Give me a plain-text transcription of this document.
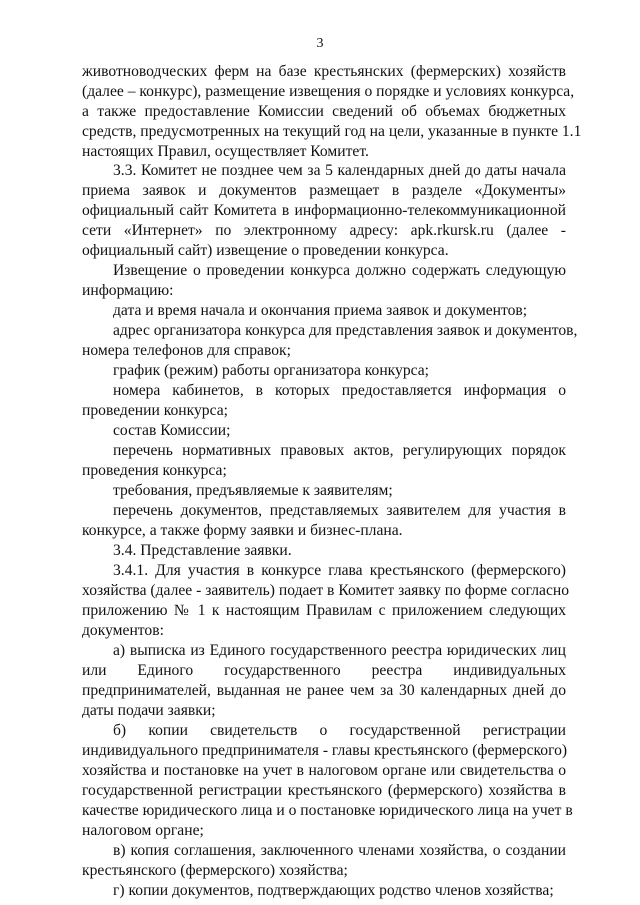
3
животноводческих ферм на базе крестьянских (фермерских) хозяйств
(далее – конкурс), размещение извещения о порядке и условиях конкурса,
а также предоставление Комиссии сведений об объемах бюджетных
средств, предусмотренных на текущий год на цели, указанные в пункте 1.1
настоящих Правил, осуществляет Комитет.
3.3. Комитет не позднее чем за 5 календарных дней до даты начала
приема заявок и документов размещает в разделе «Документы»
официальный сайт Комитета в информационно-телекоммуникационной
сети «Интернет» по электронному адресу: apk.rkursk.ru (далее -
официальный сайт) извещение о проведении конкурса.
Извещение о проведении конкурса должно содержать следующую
информацию:
дата и время начала и окончания приема заявок и документов;
адрес организатора конкурса для представления заявок и документов,
номера телефонов для справок;
график (режим) работы организатора конкурса;
номера кабинетов, в которых предоставляется информация о
проведении конкурса;
состав Комиссии;
перечень нормативных правовых актов, регулирующих порядок
проведения конкурса;
требования, предъявляемые к заявителям;
перечень документов, представляемых заявителем для участия в
конкурсе, а также форму заявки и бизнес-плана.
3.4. Представление заявки.
3.4.1. Для участия в конкурсе глава крестьянского (фермерского)
хозяйства (далее - заявитель) подает в Комитет заявку по форме согласно
приложению № 1 к настоящим Правилам с приложением следующих
документов:
а) выписка из Единого государственного реестра юридических лиц
или Единого государственного реестра индивидуальных
предпринимателей, выданная не ранее чем за 30 календарных дней до
даты подачи заявки;
б) копии свидетельств о государственной регистрации
индивидуального предпринимателя - главы крестьянского (фермерского)
хозяйства и постановке на учет в налоговом органе или свидетельства о
государственной регистрации крестьянского (фермерского) хозяйства в
качестве юридического лица и о постановке юридического лица на учет в
налоговом органе;
в) копия соглашения, заключенного членами хозяйства, о создании
крестьянского (фермерского) хозяйства;
г) копии документов, подтверждающих родство членов хозяйства;
